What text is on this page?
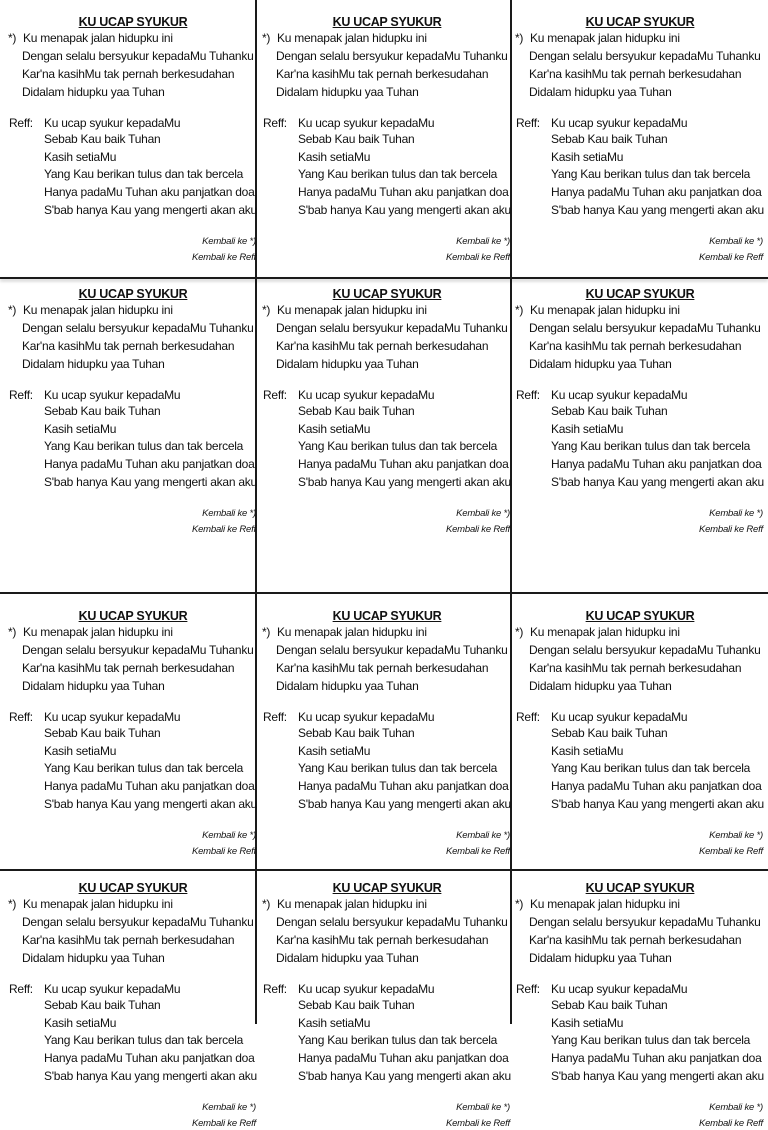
KU UCAP SYUKUR
*) Ku menapak jalan hidupku ini
Dengan selalu bersyukur kepadaMu Tuhanku
Kar'na kasihMu tak pernah berkesudahan
Didalam hidupku yaa Tuhan
Reff: Ku ucap syukur kepadaMu
Sebab Kau baik Tuhan
Kasih setiaMu
Yang Kau berikan tulus dan tak bercela
Hanya padaMu Tuhan aku panjatkan doa
S'bab hanya Kau yang mengerti akan aku
Kembali ke *)
Kembali ke Reff
KU UCAP SYUKUR
*) Ku menapak jalan hidupku ini
Dengan selalu bersyukur kepadaMu Tuhanku
Kar'na kasihMu tak pernah berkesudahan
Didalam hidupku yaa Tuhan
Reff: Ku ucap syukur kepadaMu
Sebab Kau baik Tuhan
Kasih setiaMu
Yang Kau berikan tulus dan tak bercela
Hanya padaMu Tuhan aku panjatkan doa
S'bab hanya Kau yang mengerti akan aku
Kembali ke *)
Kembali ke Reff
KU UCAP SYUKUR
*) Ku menapak jalan hidupku ini
Dengan selalu bersyukur kepadaMu Tuhanku
Kar'na kasihMu tak pernah berkesudahan
Didalam hidupku yaa Tuhan
Reff: Ku ucap syukur kepadaMu
Sebab Kau baik Tuhan
Kasih setiaMu
Yang Kau berikan tulus dan tak bercela
Hanya padaMu Tuhan aku panjatkan doa
S'bab hanya Kau yang mengerti akan aku
Kembali ke *)
Kembali ke Reff
KU UCAP SYUKUR
*) Ku menapak jalan hidupku ini
Dengan selalu bersyukur kepadaMu Tuhanku
Kar'na kasihMu tak pernah berkesudahan
Didalam hidupku yaa Tuhan
Reff: Ku ucap syukur kepadaMu
Sebab Kau baik Tuhan
Kasih setiaMu
Yang Kau berikan tulus dan tak bercela
Hanya padaMu Tuhan aku panjatkan doa
S'bab hanya Kau yang mengerti akan aku
Kembali ke *)
Kembali ke Reff
KU UCAP SYUKUR
*) Ku menapak jalan hidupku ini
Dengan selalu bersyukur kepadaMu Tuhanku
Kar'na kasihMu tak pernah berkesudahan
Didalam hidupku yaa Tuhan
Reff: Ku ucap syukur kepadaMu
Sebab Kau baik Tuhan
Kasih setiaMu
Yang Kau berikan tulus dan tak bercela
Hanya padaMu Tuhan aku panjatkan doa
S'bab hanya Kau yang mengerti akan aku
Kembali ke *)
Kembali ke Reff
KU UCAP SYUKUR
*) Ku menapak jalan hidupku ini
Dengan selalu bersyukur kepadaMu Tuhanku
Kar'na kasihMu tak pernah berkesudahan
Didalam hidupku yaa Tuhan
Reff: Ku ucap syukur kepadaMu
Sebab Kau baik Tuhan
Kasih setiaMu
Yang Kau berikan tulus dan tak bercela
Hanya padaMu Tuhan aku panjatkan doa
S'bab hanya Kau yang mengerti akan aku
Kembali ke *)
Kembali ke Reff
KU UCAP SYUKUR
*) Ku menapak jalan hidupku ini
Dengan selalu bersyukur kepadaMu Tuhanku
Kar'na kasihMu tak pernah berkesudahan
Didalam hidupku yaa Tuhan
Reff: Ku ucap syukur kepadaMu
Sebab Kau baik Tuhan
Kasih setiaMu
Yang Kau berikan tulus dan tak bercela
Hanya padaMu Tuhan aku panjatkan doa
S'bab hanya Kau yang mengerti akan aku
Kembali ke *)
Kembali ke Reff
KU UCAP SYUKUR
*) Ku menapak jalan hidupku ini
Dengan selalu bersyukur kepadaMu Tuhanku
Kar'na kasihMu tak pernah berkesudahan
Didalam hidupku yaa Tuhan
Reff: Ku ucap syukur kepadaMu
Sebab Kau baik Tuhan
Kasih setiaMu
Yang Kau berikan tulus dan tak bercela
Hanya padaMu Tuhan aku panjatkan doa
S'bab hanya Kau yang mengerti akan aku
Kembali ke *)
Kembali ke Reff
KU UCAP SYUKUR
*) Ku menapak jalan hidupku ini
Dengan selalu bersyukur kepadaMu Tuhanku
Kar'na kasihMu tak pernah berkesudahan
Didalam hidupku yaa Tuhan
Reff: Ku ucap syukur kepadaMu
Sebab Kau baik Tuhan
Kasih setiaMu
Yang Kau berikan tulus dan tak bercela
Hanya padaMu Tuhan aku panjatkan doa
S'bab hanya Kau yang mengerti akan aku
Kembali ke *)
Kembali ke Reff
KU UCAP SYUKUR
*) Ku menapak jalan hidupku ini
Dengan selalu bersyukur kepadaMu Tuhanku
Kar'na kasihMu tak pernah berkesudahan
Didalam hidupku yaa Tuhan
Reff: Ku ucap syukur kepadaMu
Sebab Kau baik Tuhan
Kasih setiaMu
Yang Kau berikan tulus dan tak bercela
Hanya padaMu Tuhan aku panjatkan doa
S'bab hanya Kau yang mengerti akan aku
Kembali ke *)
Kembali ke Reff
KU UCAP SYUKUR
*) Ku menapak jalan hidupku ini
Dengan selalu bersyukur kepadaMu Tuhanku
Kar'na kasihMu tak pernah berkesudahan
Didalam hidupku yaa Tuhan
Reff: Ku ucap syukur kepadaMu
Sebab Kau baik Tuhan
Kasih setiaMu
Yang Kau berikan tulus dan tak bercela
Hanya padaMu Tuhan aku panjatkan doa
S'bab hanya Kau yang mengerti akan aku
Kembali ke *)
Kembali ke Reff
KU UCAP SYUKUR
*) Ku menapak jalan hidupku ini
Dengan selalu bersyukur kepadaMu Tuhanku
Kar'na kasihMu tak pernah berkesudahan
Didalam hidupku yaa Tuhan
Reff: Ku ucap syukur kepadaMu
Sebab Kau baik Tuhan
Kasih setiaMu
Yang Kau berikan tulus dan tak bercela
Hanya padaMu Tuhan aku panjatkan doa
S'bab hanya Kau yang mengerti akan aku
Kembali ke *)
Kembali ke Reff
